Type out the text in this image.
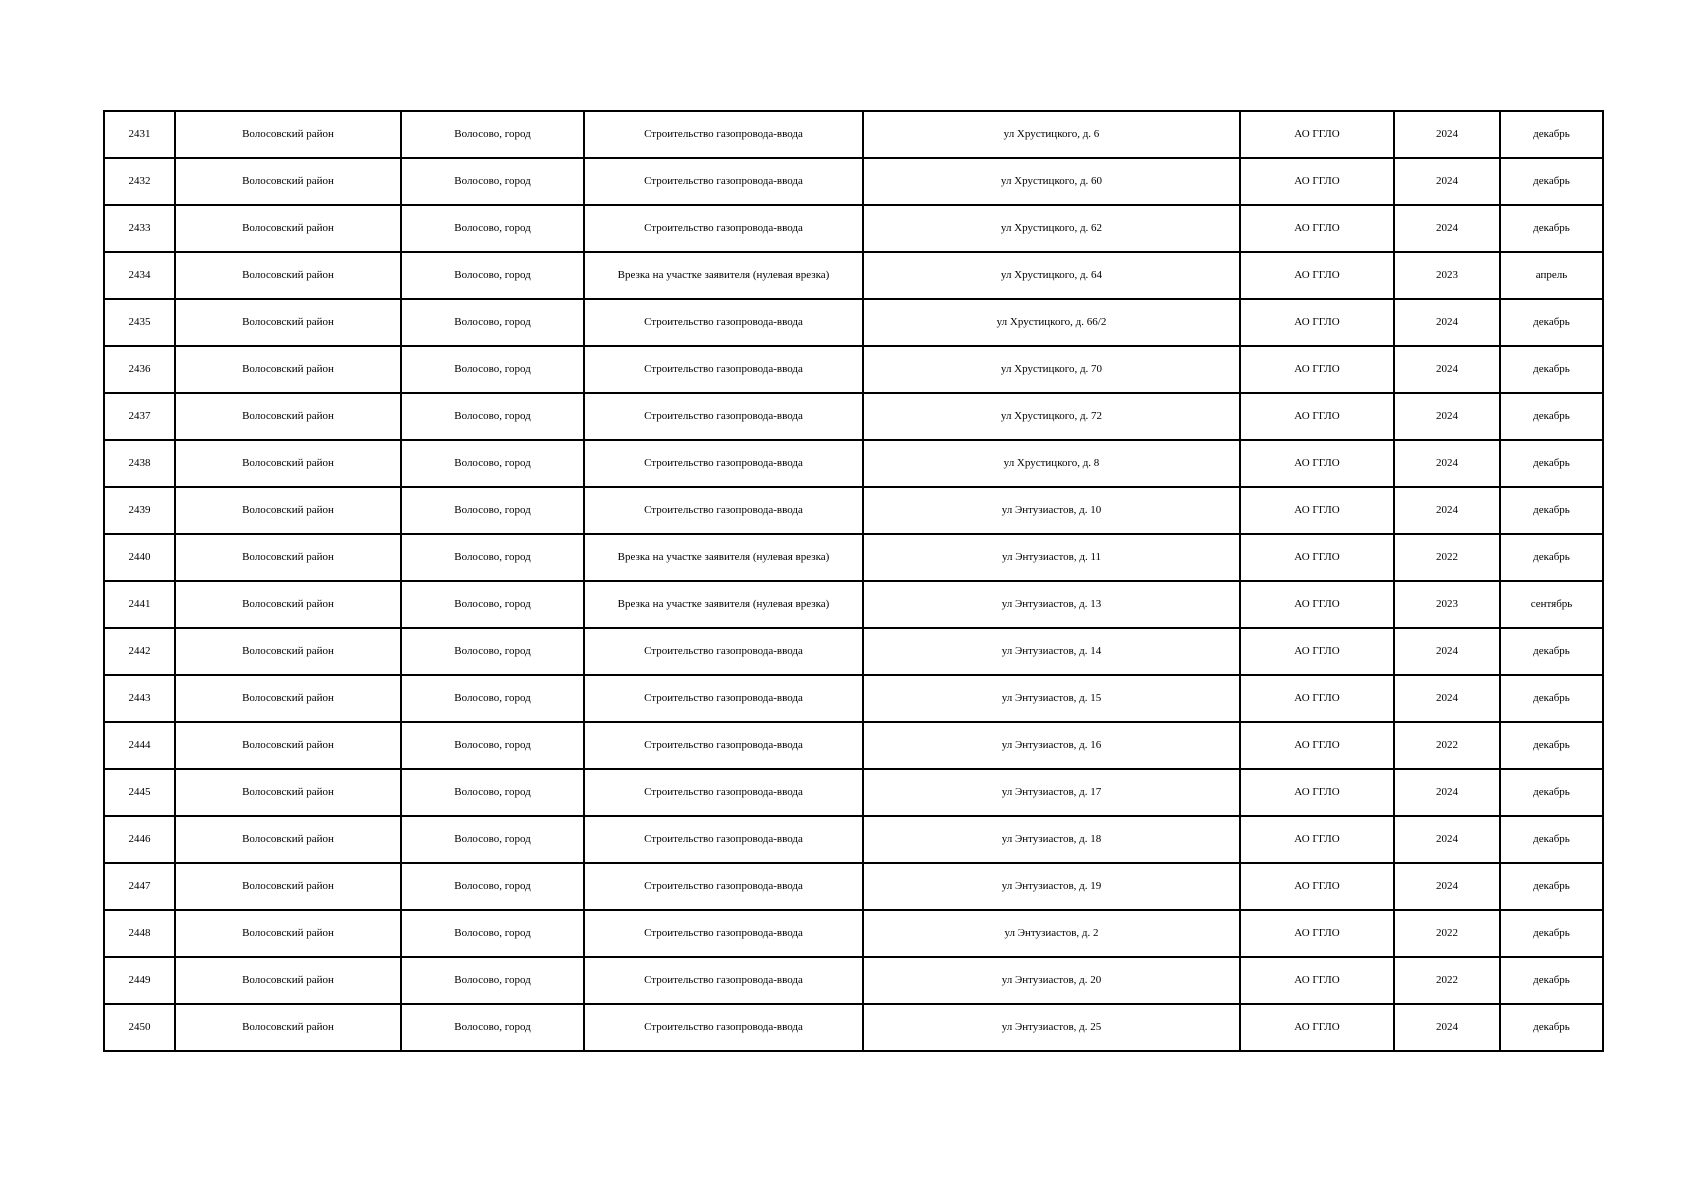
2431	Волосовский район	Волосово, город	Строительство газопровода-ввода	ул Хрустицкого, д. 6	АО ГГЛО	2024	декабрь
2432	Волосовский район	Волосово, город	Строительство газопровода-ввода	ул Хрустицкого, д. 60	АО ГГЛО	2024	декабрь
2433	Волосовский район	Волосово, город	Строительство газопровода-ввода	ул Хрустицкого, д. 62	АО ГГЛО	2024	декабрь
2434	Волосовский район	Волосово, город	Врезка на участке заявителя (нулевая врезка)	ул Хрустицкого, д. 64	АО ГГЛО	2023	апрель
2435	Волосовский район	Волосово, город	Строительство газопровода-ввода	ул Хрустицкого, д. 66/2	АО ГГЛО	2024	декабрь
2436	Волосовский район	Волосово, город	Строительство газопровода-ввода	ул Хрустицкого, д. 70	АО ГГЛО	2024	декабрь
2437	Волосовский район	Волосово, город	Строительство газопровода-ввода	ул Хрустицкого, д. 72	АО ГГЛО	2024	декабрь
2438	Волосовский район	Волосово, город	Строительство газопровода-ввода	ул Хрустицкого, д. 8	АО ГГЛО	2024	декабрь
2439	Волосовский район	Волосово, город	Строительство газопровода-ввода	ул Энтузиастов, д. 10	АО ГГЛО	2024	декабрь
2440	Волосовский район	Волосово, город	Врезка на участке заявителя (нулевая врезка)	ул Энтузиастов, д. 11	АО ГГЛО	2022	декабрь
2441	Волосовский район	Волосово, город	Врезка на участке заявителя (нулевая врезка)	ул Энтузиастов, д. 13	АО ГГЛО	2023	сентябрь
2442	Волосовский район	Волосово, город	Строительство газопровода-ввода	ул Энтузиастов, д. 14	АО ГГЛО	2024	декабрь
2443	Волосовский район	Волосово, город	Строительство газопровода-ввода	ул Энтузиастов, д. 15	АО ГГЛО	2024	декабрь
2444	Волосовский район	Волосово, город	Строительство газопровода-ввода	ул Энтузиастов, д. 16	АО ГГЛО	2022	декабрь
2445	Волосовский район	Волосово, город	Строительство газопровода-ввода	ул Энтузиастов, д. 17	АО ГГЛО	2024	декабрь
2446	Волосовский район	Волосово, город	Строительство газопровода-ввода	ул Энтузиастов, д. 18	АО ГГЛО	2024	декабрь
2447	Волосовский район	Волосово, город	Строительство газопровода-ввода	ул Энтузиастов, д. 19	АО ГГЛО	2024	декабрь
2448	Волосовский район	Волосово, город	Строительство газопровода-ввода	ул Энтузиастов, д. 2	АО ГГЛО	2022	декабрь
2449	Волосовский район	Волосово, город	Строительство газопровода-ввода	ул Энтузиастов, д. 20	АО ГГЛО	2022	декабрь
2450	Волосовский район	Волосово, город	Строительство газопровода-ввода	ул Энтузиастов, д. 25	АО ГГЛО	2024	декабрь
